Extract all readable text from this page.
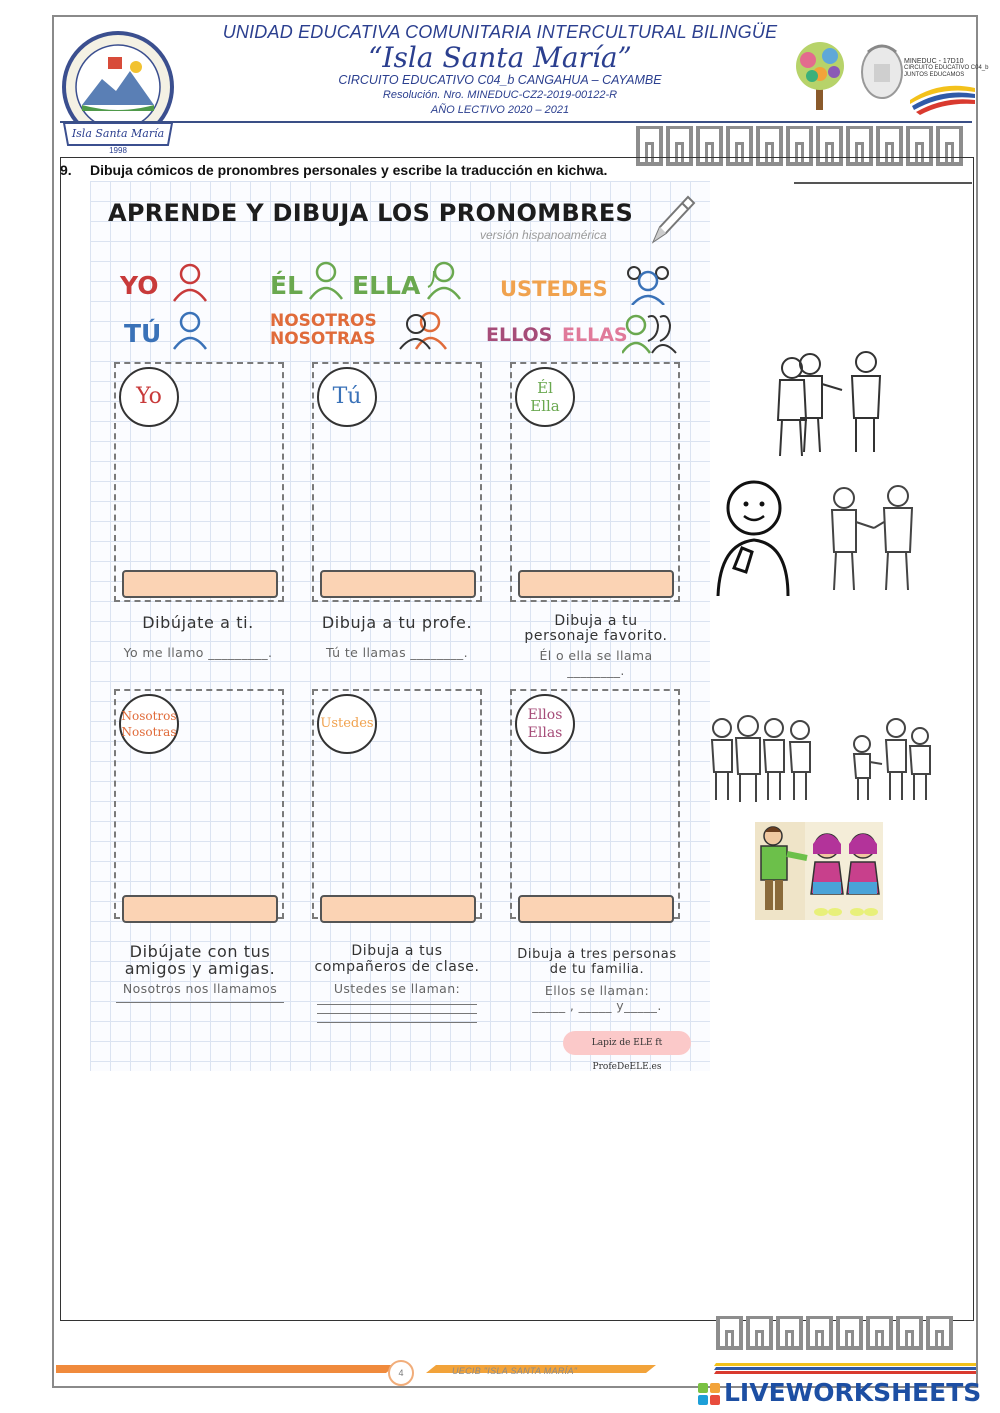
Isla Santa María
1998
UNIDAD EDUCATIVA COMUNITARIA INTERCULTURAL BILINGÜE
“Isla Santa María”
CIRCUITO EDUCATIVO C04_b CANGAHUA – CAYAMBE
Resolución. Nro. MINEDUC-CZ2-2019-00122-R
AÑO LECTIVO 2020 – 2021
MINEDUC - 17D10
CIRCUITO EDUCATIVO C04_b
JUNTOS EDUCAMOS
9. Dibuja cómicos de pronombres personales y escribe la traducción en kichwa.
APRENDE Y DIBUJA LOS PRONOMBRES
versión hispanoamérica
YO
TÚ
ÉL ELLA
NOSOTROS
NOSOTRAS
USTEDES
ELLOS ELLAS
Yo	Tú	Él
Ella
Dibújate a ti.
Yo me llamo _________.
Dibuja a tu profe.
Tú te llamas ________.
Dibuja a tu
personaje favorito.
Él o ella se llama
________.
Nosotros
Nosotras
Ustedes
Ellos
Ellas
Dibújate con tus
amigos y amigas.
Nosotros nos llamamos
Dibuja a tus
compañeros de clase.
Ustedes se llaman:
Dibuja a tres personas
de tu familia.
Ellos se llaman:
_____ , _____ y_____.
Lapiz de ELE ft ProfeDeELE.es
4	UECIB "ISLA SANTA MARÍA"
LIVEWORKSHEETS
